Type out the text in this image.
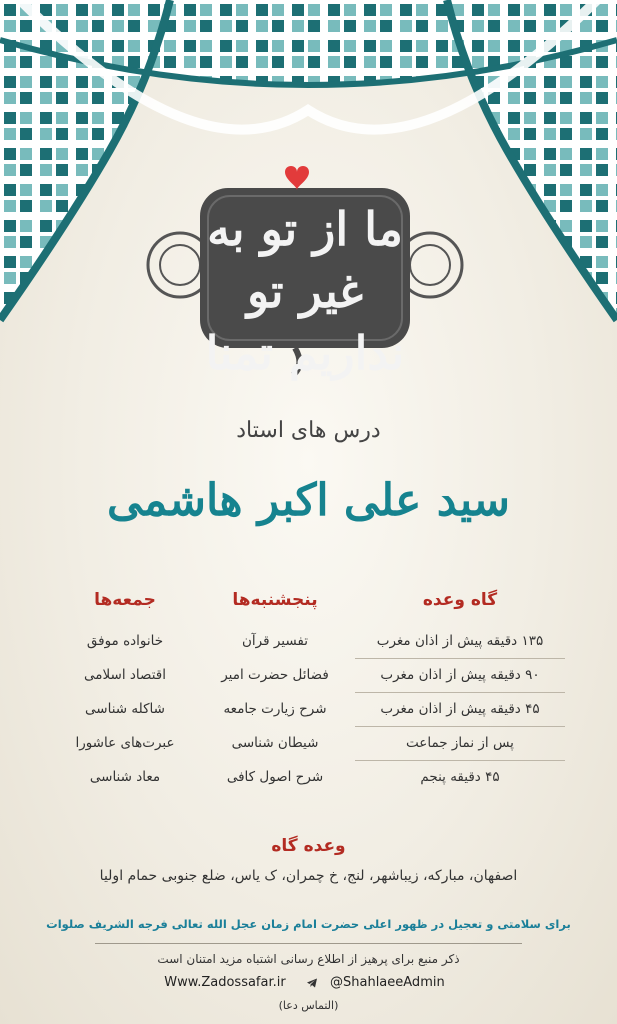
ما از تو به غیر تو
نداریم تمنا
درس های استاد
سید علی اکبر هاشمی
گاه وعده
پنجشنبه‌ها
جمعه‌ها
۱۳۵ دقیقه پیش از اذان مغرب
تفسیر قرآن
خانواده موفق
۹۰ دقیقه پیش از اذان مغرب
فضائل حضرت امیر
اقتصاد اسلامی
۴۵ دقیقه پیش از اذان مغرب
شرح زیارت جامعه
شاکله شناسی
پس از نماز جماعت
شیطان شناسی
عبرت‌های عاشورا
۴۵ دقیقه پنجم
شرح اصول کافی
معاد شناسی
وعده گاه
اصفهان، مبارکه، زیباشهر، لنج، خ چمران، ک یاس، ضلع جنوبی حمام اولیا
برای سلامتی و تعجیل در ظهور اعلی حضرت امام زمان عجل الله تعالی فرجه الشریف صلوات
ذکر منبع برای پرهیز از اطلاع رسانی اشتباه مزید امتنان است
Www.Zadossafar.ir	@ShahlaeeAdmin
(التماس دعا)
